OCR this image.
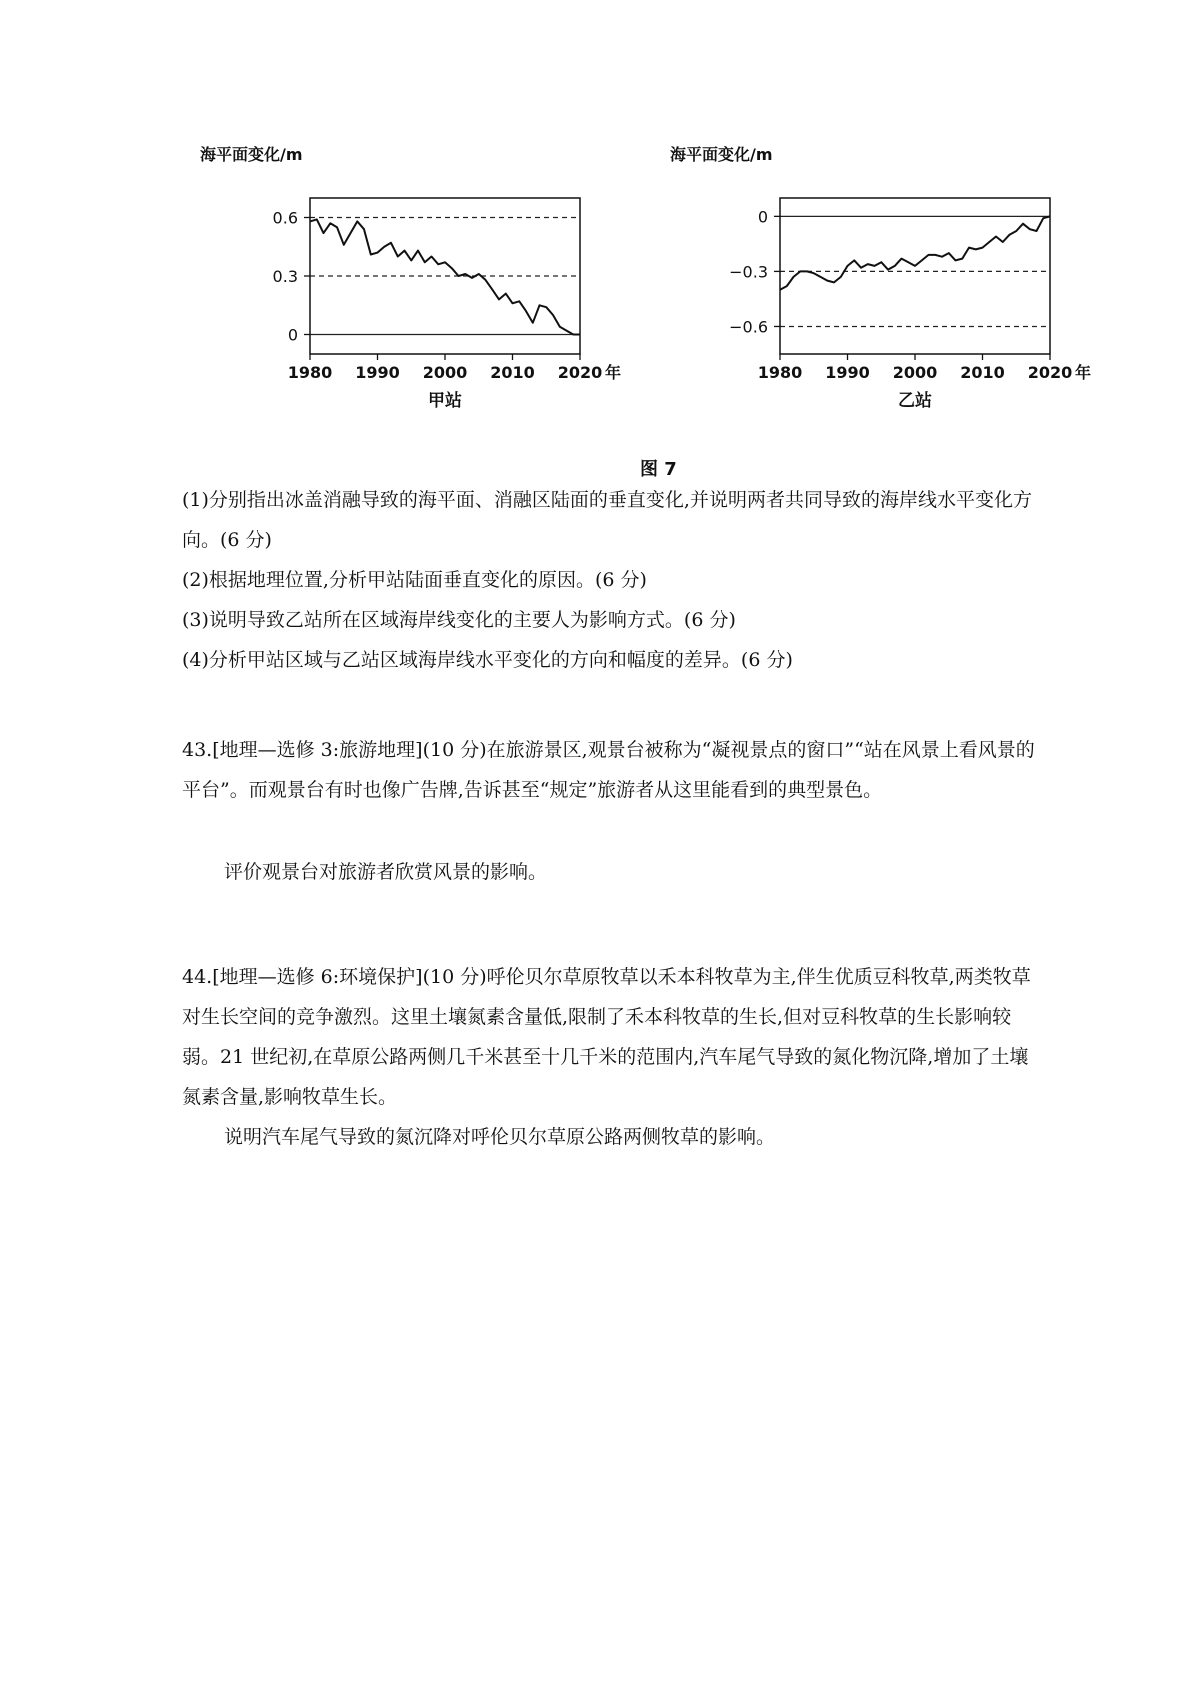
海平面变化/m
0.6
0.3
0
1980 1990 2000 2010 2020 年
甲站
海平面变化/m
0
−0.3
−0.6
1980 1990 2000 2010 2020 年
乙站
图 7

(1)分别指出冰盖消融导致的海平面、消融区陆面的垂直变化,并说明两者共同导致的海岸线水平变化方向。(6 分)

(2)根据地理位置,分析甲站陆面垂直变化的原因。(6 分)

(3)说明导致乙站所在区域海岸线变化的主要人为影响方式。(6 分)

(4)分析甲站区域与乙站区域海岸线水平变化的方向和幅度的差异。(6 分)

43.[地理—选修 3:旅游地理](10 分)在旅游景区,观景台被称为“凝视景点的窗口”“站在风景上看风景的平台”。而观景台有时也像广告牌,告诉甚至“规定”旅游者从这里能看到的典型景色。

评价观景台对旅游者欣赏风景的影响。

44.[地理—选修 6:环境保护](10 分)呼伦贝尔草原牧草以禾本科牧草为主,伴生优质豆科牧草,两类牧草对生长空间的竞争激烈。这里土壤氮素含量低,限制了禾本科牧草的生长,但对豆科牧草的生长影响较弱。21 世纪初,在草原公路两侧几千米甚至十几千米的范围内,汽车尾气导致的氮化物沉降,增加了土壤氮素含量,影响牧草生长。

说明汽车尾气导致的氮沉降对呼伦贝尔草原公路两侧牧草的影响。
